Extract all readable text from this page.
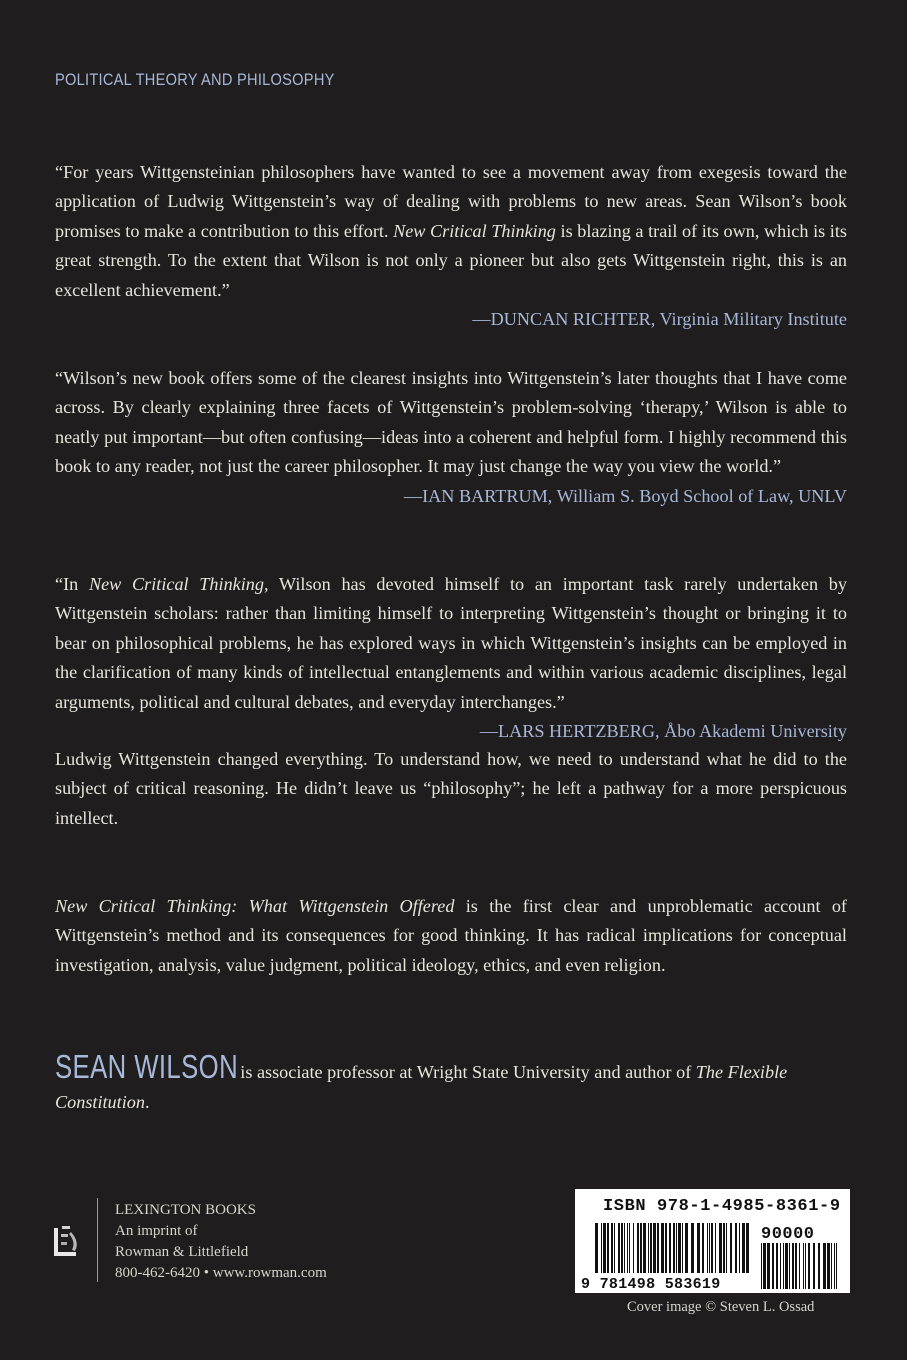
POLITICAL THEORY AND PHILOSOPHY

“For years Wittgensteinian philosophers have wanted to see a movement away from exegesis toward the application of Ludwig Wittgenstein’s way of dealing with problems to new areas. Sean Wilson’s book promises to make a contribution to this effort. New Critical Thinking is blazing a trail of its own, which is its great strength. To the extent that Wilson is not only a pioneer but also gets Wittgenstein right, this is an excellent achievement.”
—DUNCAN RICHTER, Virginia Military Institute

“Wilson’s new book offers some of the clearest insights into Wittgenstein’s later thoughts that I have come across. By clearly explaining three facets of Wittgenstein’s problem-solving ‘therapy,’ Wilson is able to neatly put important—but often confusing—ideas into a coherent and helpful form. I highly recommend this book to any reader, not just the career philosopher. It may just change the way you view the world.”
—IAN BARTRUM, William S. Boyd School of Law, UNLV

“In New Critical Thinking, Wilson has devoted himself to an important task rarely undertaken by Wittgenstein scholars: rather than limiting himself to interpreting Wittgenstein’s thought or bringing it to bear on philosophical problems, he has explored ways in which Wittgenstein’s insights can be employed in the clarification of many kinds of intellectual entanglements and within various academic disciplines, legal arguments, political and cultural debates, and everyday interchanges.”
—LARS HERTZBERG, Åbo Akademi University

Ludwig Wittgenstein changed everything. To understand how, we need to understand what he did to the subject of critical reasoning. He didn’t leave us “philosophy”; he left a pathway for a more perspicuous intellect.

New Critical Thinking: What Wittgenstein Offered is the first clear and unproblematic account of Wittgenstein’s method and its consequences for good thinking. It has radical implications for conceptual investigation, analysis, value judgment, political ideology, ethics, and even religion.

SEAN WILSON is associate professor at Wright State University and author of The Flexible Constitution.

LEXINGTON BOOKS
An imprint of
Rowman & Littlefield
800-462-6420 • www.rowman.com
ISBN 978-1-4985-8361-9
90000
9 781498 583619
Cover image © Steven L. Ossad
